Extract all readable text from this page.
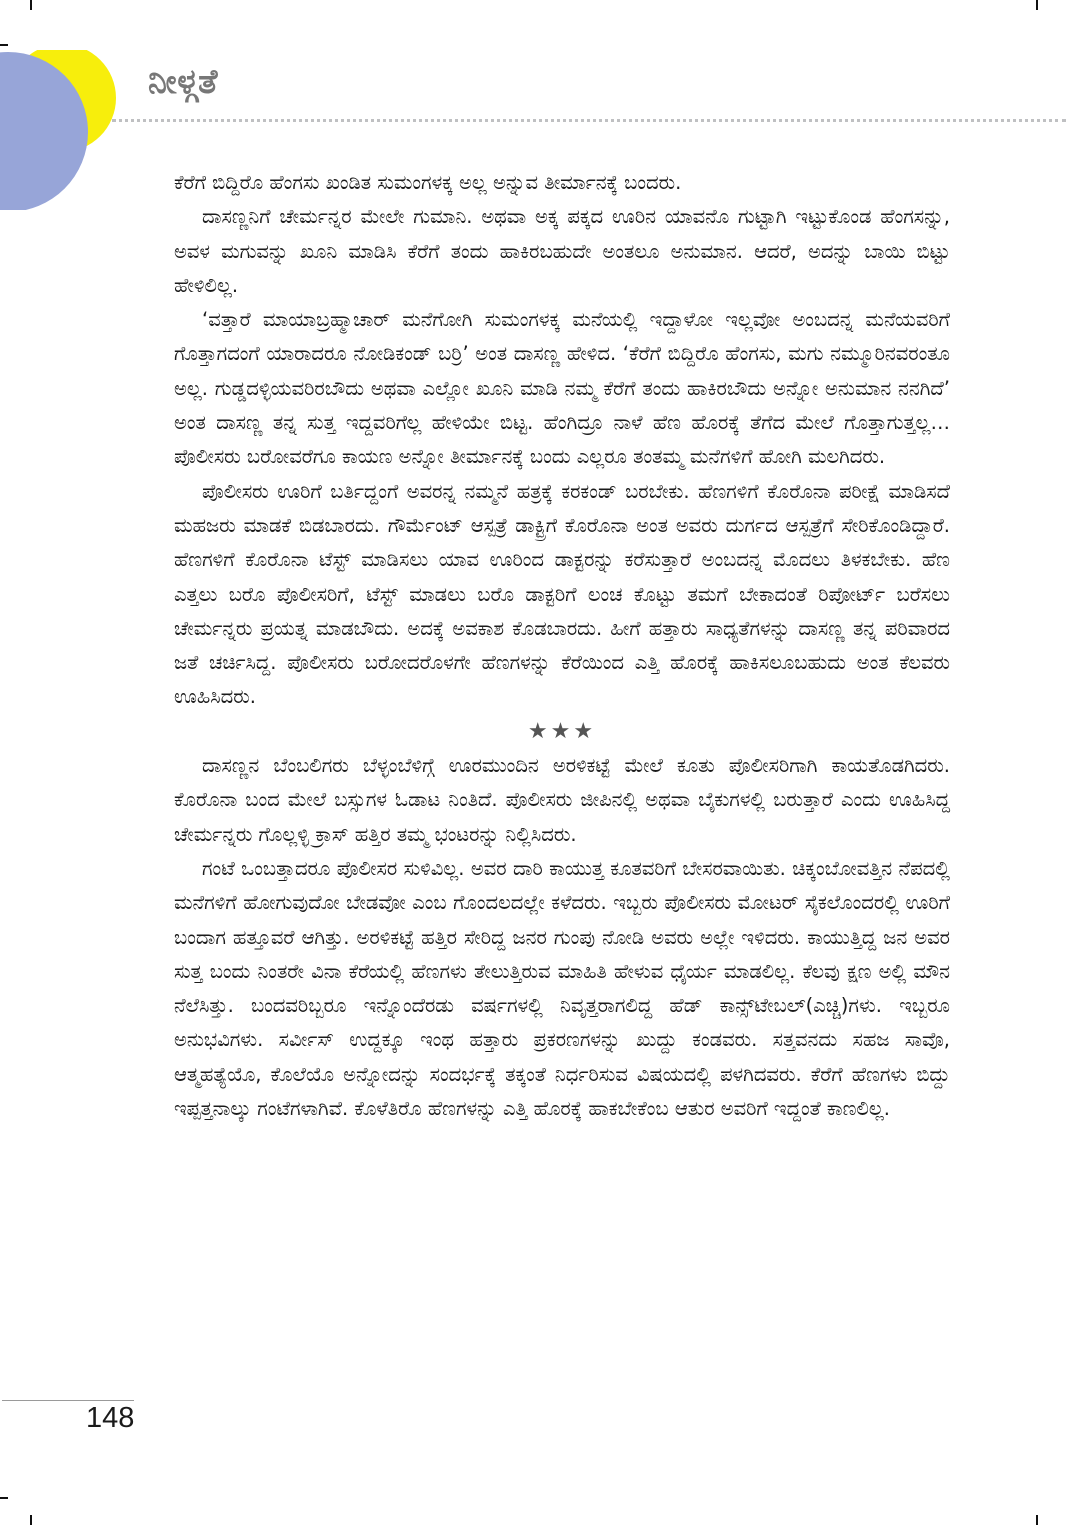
ನೀಳ್ಗತೆ

ಕೆರೆಗೆ ಬಿದ್ದಿರೊ ಹೆಂಗಸು ಖಂಡಿತ ಸುಮಂಗಳಕ್ಕ ಅಲ್ಲ ಅನ್ನುವ ತೀರ್ಮಾನಕ್ಕೆ ಬಂದರು.

ದಾಸಣ್ಣನಿಗೆ ಚೇರ್ಮನ್ನರ ಮೇಲೇ ಗುಮಾನಿ. ಅಥವಾ ಅಕ್ಕ ಪಕ್ಕದ ಊರಿನ ಯಾವನೊ ಗುಟ್ಟಾಗಿ ಇಟ್ಟುಕೊಂಡ ಹೆಂಗಸನ್ನು, ಅವಳ ಮಗುವನ್ನು ಖೂನಿ ಮಾಡಿಸಿ ಕೆರೆಗೆ ತಂದು ಹಾಕಿರಬಹುದೇ ಅಂತಲೂ ಅನುಮಾನ. ಆದರೆ, ಅದನ್ನು ಬಾಯಿ ಬಿಟ್ಟು ಹೇಳಿಲಿಲ್ಲ.

‘ವತ್ತಾರೆ ಮಾಯಾಬ್ರಹ್ಮಾಚಾರ್ ಮನೆಗೋಗಿ ಸುಮಂಗಳಕ್ಕ ಮನೆಯಲ್ಲಿ ಇದ್ದಾಳೋ ಇಲ್ಲವೋ ಅಂಬದನ್ನ ಮನೆಯವರಿಗೆ ಗೊತ್ತಾಗದಂಗೆ ಯಾರಾದರೂ ನೋಡಿಕಂಡ್ ಬರ್ರಿ’ ಅಂತ ದಾಸಣ್ಣ ಹೇಳಿದ. ‘ಕೆರೆಗೆ ಬಿದ್ದಿರೊ ಹೆಂಗಸು, ಮಗು ನಮ್ಮೂರಿನವರಂತೂ ಅಲ್ಲ. ಗುಡ್ಡದಳ್ಳಿಯವರಿರಬೌದು ಅಥವಾ ಎಲ್ಲೋ ಖೂನಿ ಮಾಡಿ ನಮ್ಮ ಕೆರೆಗೆ ತಂದು ಹಾಕಿರಬೌದು ಅನ್ನೋ ಅನುಮಾನ ನನಗಿದೆ’ ಅಂತ ದಾಸಣ್ಣ ತನ್ನ ಸುತ್ತ ಇದ್ದವರಿಗೆಲ್ಲ ಹೇಳಿಯೇ ಬಿಟ್ಟ. ಹೆಂಗಿದ್ರೂ ನಾಳೆ ಹೆಣ ಹೊರಕ್ಕೆ ತೆಗೆದ ಮೇಲೆ ಗೊತ್ತಾಗುತ್ತಲ್ಲ… ಪೊಲೀಸರು ಬರೋವರೆಗೂ ಕಾಯಣ ಅನ್ನೋ ತೀರ್ಮಾನಕ್ಕೆ ಬಂದು ಎಲ್ಲರೂ ತಂತಮ್ಮ ಮನೆಗಳಿಗೆ ಹೋಗಿ ಮಲಗಿದರು.

ಪೊಲೀಸರು ಊರಿಗೆ ಬರ್ತಿದ್ದಂಗೆ ಅವರನ್ನ ನಮ್ಮನೆ ಹತ್ರಕ್ಕೆ ಕರಕಂಡ್ ಬರಬೇಕು. ಹೆಣಗಳಿಗೆ ಕೊರೊನಾ ಪರೀಕ್ಷೆ ಮಾಡಿಸದೆ ಮಹಜರು ಮಾಡಕೆ ಬಿಡಬಾರದು. ಗೌರ್ಮೆಂಟ್ ಆಸ್ಪತ್ರೆ ಡಾಕ್ಟ್ರಿಗೆ ಕೊರೊನಾ ಅಂತ ಅವರು ದುರ್ಗದ ಆಸ್ಪತ್ರೆಗೆ ಸೇರಿಕೊಂಡಿದ್ದಾರೆ. ಹೆಣಗಳಿಗೆ ಕೊರೊನಾ ಟೆಸ್ಟ್ ಮಾಡಿಸಲು ಯಾವ ಊರಿಂದ ಡಾಕ್ಟರನ್ನು ಕರೆಸುತ್ತಾರೆ ಅಂಬದನ್ನ ಮೊದಲು ತಿಳಕಬೇಕು. ಹೆಣ ಎತ್ತಲು ಬರೊ ಪೊಲೀಸರಿಗೆ, ಟೆಸ್ಟ್ ಮಾಡಲು ಬರೊ ಡಾಕ್ಟರಿಗೆ ಲಂಚ ಕೊಟ್ಟು ತಮಗೆ ಬೇಕಾದಂತೆ ರಿಪೋರ್ಟ್ ಬರೆಸಲು ಚೇರ್ಮನ್ನರು ಪ್ರಯತ್ನ ಮಾಡಬೌದು. ಅದಕ್ಕೆ ಅವಕಾಶ ಕೊಡಬಾರದು. ಹೀಗೆ ಹತ್ತಾರು ಸಾಧ್ಯತೆಗಳನ್ನು ದಾಸಣ್ಣ ತನ್ನ ಪರಿವಾರದ ಜತೆ ಚರ್ಚಿಸಿದ್ದ. ಪೊಲೀಸರು ಬರೋದರೊಳಗೇ ಹೆಣಗಳನ್ನು ಕೆರೆಯಿಂದ ಎತ್ತಿ ಹೊರಕ್ಕೆ ಹಾಕಿಸಲೂಬಹುದು ಅಂತ ಕೆಲವರು ಊಹಿಸಿದರು.

★★★

ದಾಸಣ್ಣನ ಬೆಂಬಲಿಗರು ಬೆಳ್ಳಂಬೆಳಿಗ್ಗೆ ಊರಮುಂದಿನ ಅರಳಿಕಟ್ಟೆ ಮೇಲೆ ಕೂತು ಪೊಲೀಸರಿಗಾಗಿ ಕಾಯತೊಡಗಿದರು. ಕೊರೊನಾ ಬಂದ ಮೇಲೆ ಬಸ್ಸುಗಳ ಓಡಾಟ ನಿಂತಿದೆ. ಪೊಲೀಸರು ಜೀಪಿನಲ್ಲಿ ಅಥವಾ ಬೈಕುಗಳಲ್ಲಿ ಬರುತ್ತಾರೆ ಎಂದು ಊಹಿಸಿದ್ದ ಚೇರ್ಮನ್ನರು ಗೊಲ್ಲಳ್ಳಿ ಕ್ರಾಸ್ ಹತ್ತಿರ ತಮ್ಮ ಭಂಟರನ್ನು ನಿಲ್ಲಿಸಿದರು.

ಗಂಟೆ ಒಂಬತ್ತಾದರೂ ಪೊಲೀಸರ ಸುಳಿವಿಲ್ಲ. ಅವರ ದಾರಿ ಕಾಯುತ್ತ ಕೂತವರಿಗೆ ಬೇಸರವಾಯಿತು. ಚಿಕ್ಕಂಬೋವತ್ತಿನ ನೆಪದಲ್ಲಿ ಮನೆಗಳಿಗೆ ಹೋಗುವುದೋ ಬೇಡವೋ ಎಂಬ ಗೊಂದಲದಲ್ಲೇ ಕಳೆದರು. ಇಬ್ಬರು ಪೊಲೀಸರು ಮೋಟರ್ ಸೈಕಲೊಂದರಲ್ಲಿ ಊರಿಗೆ ಬಂದಾಗ ಹತ್ತೂವರೆ ಆಗಿತ್ತು. ಅರಳಿಕಟ್ಟೆ ಹತ್ತಿರ ಸೇರಿದ್ದ ಜನರ ಗುಂಪು ನೋಡಿ ಅವರು ಅಲ್ಲೇ ಇಳಿದರು. ಕಾಯುತ್ತಿದ್ದ ಜನ ಅವರ ಸುತ್ತ ಬಂದು ನಿಂತರೇ ವಿನಾ ಕೆರೆಯಲ್ಲಿ ಹೆಣಗಳು ತೇಲುತ್ತಿರುವ ಮಾಹಿತಿ ಹೇಳುವ ಧೈರ್ಯ ಮಾಡಲಿಲ್ಲ. ಕೆಲವು ಕ್ಷಣ ಅಲ್ಲಿ ಮೌನ ನೆಲೆಸಿತ್ತು. ಬಂದವರಿಬ್ಬರೂ ಇನ್ನೊಂದೆರಡು ವರ್ಷಗಳಲ್ಲಿ ನಿವೃತ್ತರಾಗಲಿದ್ದ ಹೆಡ್ ಕಾನ್ಸ್‌ಟೇಬಲ್(ಎಚ್ಚಿ)ಗಳು. ಇಬ್ಬರೂ ಅನುಭವಿಗಳು. ಸರ್ವೀಸ್ ಉದ್ದಕ್ಕೂ ಇಂಥ ಹತ್ತಾರು ಪ್ರಕರಣಗಳನ್ನು ಖುದ್ದು ಕಂಡವರು. ಸತ್ತವನದು ಸಹಜ ಸಾವೊ, ಆತ್ಮಹತ್ಯೆಯೊ, ಕೊಲೆಯೊ ಅನ್ನೋದನ್ನು ಸಂದರ್ಭಕ್ಕೆ ತಕ್ಕಂತೆ ನಿರ್ಧರಿಸುವ ವಿಷಯದಲ್ಲಿ ಪಳಗಿದವರು. ಕೆರೆಗೆ ಹೆಣಗಳು ಬಿದ್ದು ಇಪ್ಪತ್ತನಾಲ್ಕು ಗಂಟೆಗಳಾಗಿವೆ. ಕೊಳೆತಿರೊ ಹೆಣಗಳನ್ನು ಎತ್ತಿ ಹೊರಕ್ಕೆ ಹಾಕಬೇಕೆಂಬ ಆತುರ ಅವರಿಗೆ ಇದ್ದಂತೆ ಕಾಣಲಿಲ್ಲ.

148
